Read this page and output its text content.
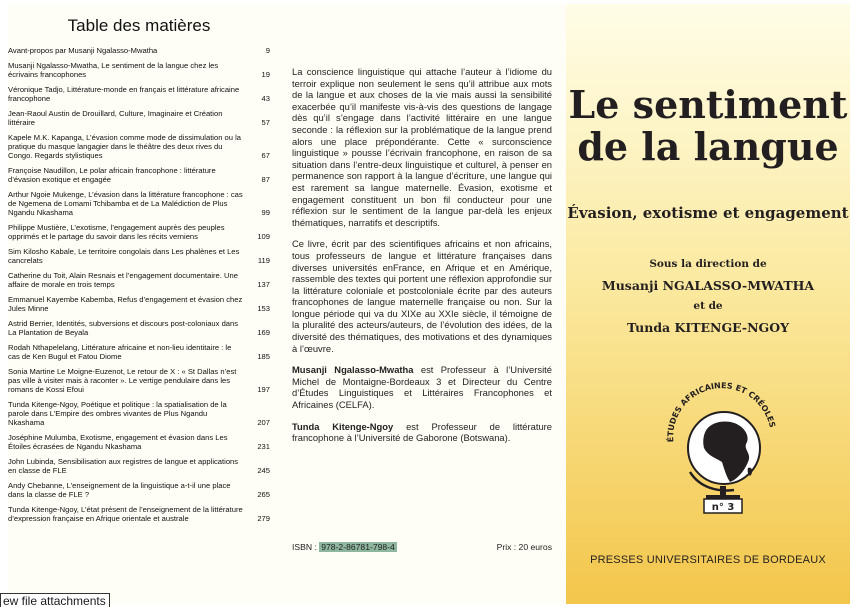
Table des matières
Avant-propos par Musanji Ngalasso-Mwatha	9
Musanji Ngalasso-Mwatha, Le sentiment de la langue chez les écrivains francophones	19
Véronique Tadjo, Littérature-monde en français et littérature africaine francophone	43
Jean-Raoul Austin de Drouillard, Culture, Imaginaire et Création littéraire	57
Kapele M.K. Kapanga, L’évasion comme mode de dissimulation ou la pratique du masque langagier dans le théâtre des deux rives du Congo. Regards stylistiques	67
Françoise Naudillon, Le polar africain francophone : littérature d’évasion exotique et engagée	87
Arthur Ngoie Mukenge, L’évasion dans la littérature francophone : cas de Ngemena de Lomami Tchibamba et de La Malédiction de Plus Ngandu Nkashama	99
Philippe Mustière, L’exotisme, l’engagement auprès des peuples opprimés et le partage du savoir dans les récits verniens	109
Sim Kilosho Kabale, Le territoire congolais dans Les phalènes et Les cancrelats	119
Catherine du Toit, Alain Resnais et l’engagement documentaire. Une affaire de morale en trois temps	137
Emmanuel Kayembe Kabemba, Refus d’engagement et évasion chez Jules Minne	153
Astrid Berrier, Identités, subversions et discours post-coloniaux dans La Plantation de Beyala	169
Rodah Nthapelelang, Littérature africaine et non-lieu identitaire : le cas de Ken Bugul et Fatou Diome	185
Sonia Martine Le Moigne-Euzenot, Le retour de X : « St Dallas n’est pas ville à visiter mais à raconter ». Le vertige pendulaire dans les romans de Kossi Efoui	197
Tunda Kitenge-Ngoy, Poétique et politique : la spatialisation de la parole dans L’Empire des ombres vivantes de Plus Ngandu Nkashama	207
Joséphine Mulumba, Exotisme, engagement et évasion dans Les Étoiles écrasées de Ngandu Nkashama	231
John Lubinda, Sensibilisation aux registres de langue et applications en classe de FLE	245
Andy Chebanne, L’enseignement de la linguistique a-t-il une place dans la classe de FLE ?	265
Tunda Kitenge-Ngoy, L’état présent de l’enseignement de la littérature d’expression française en Afrique orientale et australe	279

La conscience linguistique qui attache l’auteur à l’idiome du terroir explique non seulement le sens qu’il attribue aux mots de la langue et aux choses de la vie mais aussi la sensibilité exacerbée qu’il manifeste vis-à-vis des questions de langage dès qu’il s’engage dans l’activité littéraire en une langue seconde : la réflexion sur la problématique de la langue prend alors une place prépondérante. Cette « surconscience linguistique » pousse l’écrivain francophone, en raison de sa situation dans l’entre-deux linguistique et culturel, à penser en permanence son rapport à la langue d’écriture, une langue qui est rarement sa langue maternelle. Évasion, exotisme et engagement constituent un bon fil conducteur pour une réflexion sur le sentiment de la langue par-delà les enjeux thématiques, narratifs et descriptifs.

Ce livre, écrit par des scientifiques africains et non africains, tous professeurs de langue et littérature françaises dans diverses universités enFrance, en Afrique et en Amérique, rassemble des textes qui portent une réflexion approfondie sur la littérature coloniale et postcoloniale écrite par des auteurs francophones de langue maternelle française ou non. Sur la longue période qui va du XIXe au XXIe siècle, il témoigne de la pluralité des acteurs/auteurs, de l’évolution des idées, de la diversité des thématiques, des motivations et des dynamiques à l’œuvre.

Musanji Ngalasso-Mwatha est Professeur à l’Université Michel de Montaigne-Bordeaux 3 et Directeur du Centre d’Études Linguistiques et Littéraires Francophones et Africaines (CELFA).

Tunda Kitenge-Ngoy est Professeur de littérature francophone à l’Université de Gaborone (Botswana).

ISBN : 978-2-86781-798-4	Prix : 20 euros
Le sentiment
de la langue
Évasion, exotisme et engagement
Sous la direction de
Musanji NGALASSO-MWATHA
et de
Tunda KITENGE-NGOY
ÉTUDES AFRICAINES ET CRÉOLES
n° 3
PRESSES UNIVERSITAIRES DE BORDEAUX
ew file attachments
